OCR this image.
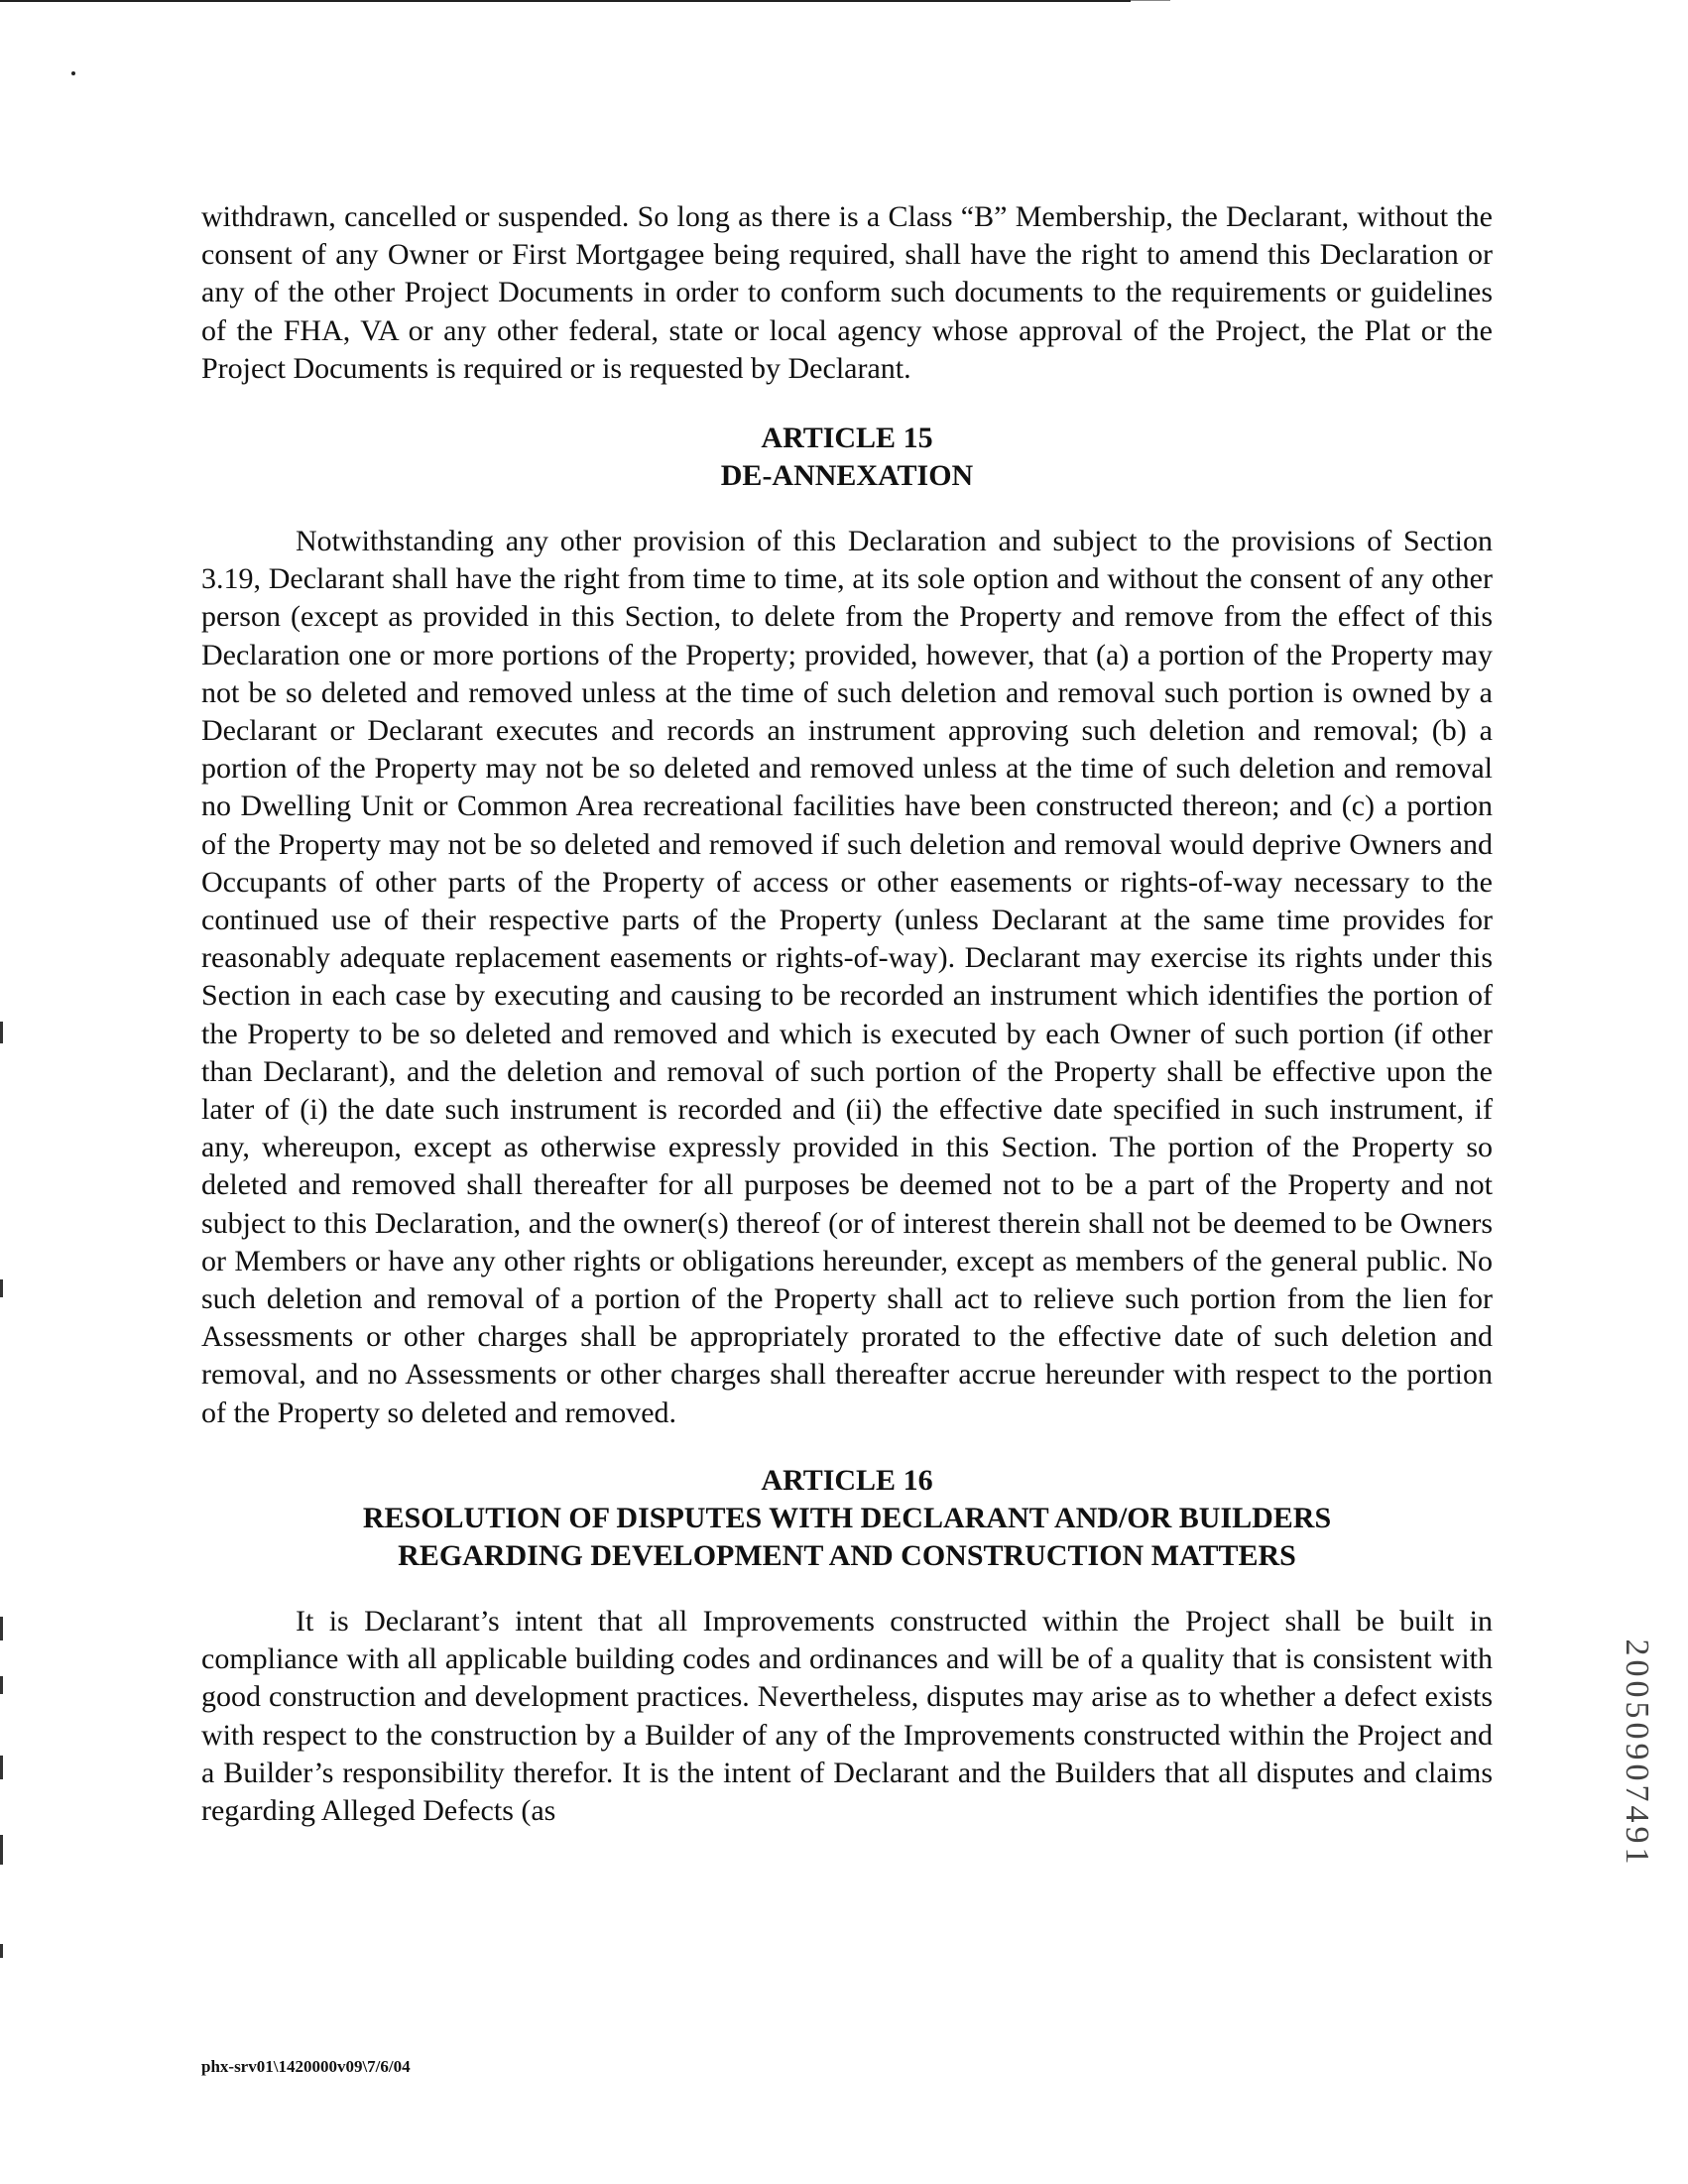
withdrawn, cancelled or suspended. So long as there is a Class “B” Membership, the Declarant, without the consent of any Owner or First Mortgagee being required, shall have the right to amend this Declaration or any of the other Project Documents in order to conform such documents to the requirements or guidelines of the FHA, VA or any other federal, state or local agency whose approval of the Project, the Plat or the Project Documents is required or is requested by Declarant.

ARTICLE 15

DE-ANNEXATION

Notwithstanding any other provision of this Declaration and subject to the provisions of Section 3.19, Declarant shall have the right from time to time, at its sole option and without the consent of any other person (except as provided in this Section, to delete from the Property and remove from the effect of this Declaration one or more portions of the Property; provided, however, that (a) a portion of the Property may not be so deleted and removed unless at the time of such deletion and removal such portion is owned by a Declarant or Declarant executes and records an instrument approving such deletion and removal; (b) a portion of the Property may not be so deleted and removed unless at the time of such deletion and removal no Dwelling Unit or Common Area recreational facilities have been constructed thereon; and (c) a portion of the Property may not be so deleted and removed if such deletion and removal would deprive Owners and Occupants of other parts of the Property of access or other easements or rights-of-way necessary to the continued use of their respective parts of the Property (unless Declarant at the same time provides for reasonably adequate replacement easements or rights-of-way). Declarant may exercise its rights under this Section in each case by executing and causing to be recorded an instrument which identifies the portion of the Property to be so deleted and removed and which is executed by each Owner of such portion (if other than Declarant), and the deletion and removal of such portion of the Property shall be effective upon the later of (i) the date such instrument is recorded and (ii) the effective date specified in such instrument, if any, whereupon, except as otherwise expressly provided in this Section. The portion of the Property so deleted and removed shall thereafter for all purposes be deemed not to be a part of the Property and not subject to this Declaration, and the owner(s) thereof (or of interest therein shall not be deemed to be Owners or Members or have any other rights or obligations hereunder, except as members of the general public. No such deletion and removal of a portion of the Property shall act to relieve such portion from the lien for Assessments or other charges shall be appropriately prorated to the effective date of such deletion and removal, and no Assessments or other charges shall thereafter accrue hereunder with respect to the portion of the Property so deleted and removed.

ARTICLE 16

RESOLUTION OF DISPUTES WITH DECLARANT AND/OR BUILDERS

REGARDING DEVELOPMENT AND CONSTRUCTION MATTERS

It is Declarant’s intent that all Improvements constructed within the Project shall be built in compliance with all applicable building codes and ordinances and will be of a quality that is consistent with good construction and development practices. Nevertheless, disputes may arise as to whether a defect exists with respect to the construction by a Builder of any of the Improvements constructed within the Project and a Builder’s responsibility therefor. It is the intent of Declarant and the Builders that all disputes and claims regarding Alleged Defects (as

phx-srv01\1420000v09\7/6/04
20050907491
